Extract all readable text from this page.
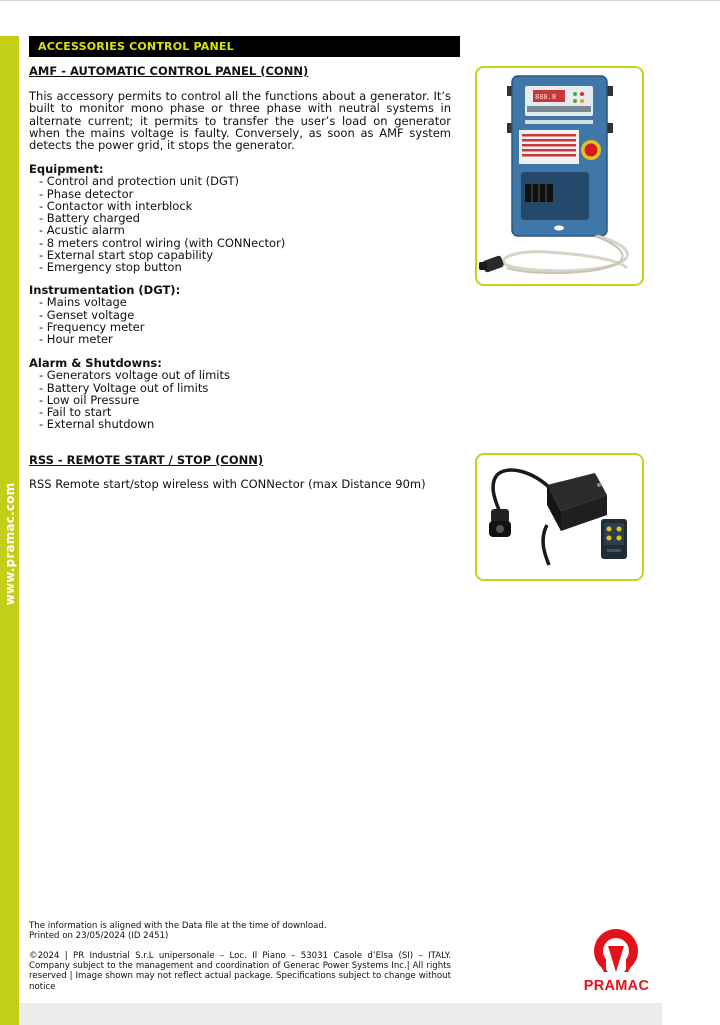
www.pramac.com
ACCESSORIES CONTROL PANEL
AMF - AUTOMATIC CONTROL PANEL (CONN)
This accessory permits to control all the functions about a generator. It’s built to monitor mono phase or three phase with neutral systems in alternate current; it permits to transfer the user’s load on generator when the mains voltage is faulty. Conversely, as soon as AMF system detects the power grid, it stops the generator.
Equipment:
- Control and protection unit (DGT)
- Phase detector
- Contactor with interblock
- Battery charged
- Acustic alarm
- 8 meters control wiring (with CONNector)
- External start stop capability
- Emergency stop button
Instrumentation (DGT):
- Mains voltage
- Genset voltage
- Frequency meter
- Hour meter
Alarm & Shutdowns:
- Generators voltage out of limits
- Battery Voltage out of limits
- Low oil Pressure
- Fail to start
- External shutdown
888.8
RSS - REMOTE START / STOP (CONN)
RSS Remote start/stop wireless with CONNector (max Distance 90m)
The information is aligned with the Data file at the time of download.
Printed on 23/05/2024 (ID 2451)
©2024 | PR Industrial S.r.L unipersonale – Loc. Il Piano – 53031 Casole d’Elsa (SI) – ITALY. Company subject to the management and coordination of Generac Power Systems Inc.| All rights reserved | Image shown may not reflect actual package. Specifications subject to change without notice	PRAMAC
